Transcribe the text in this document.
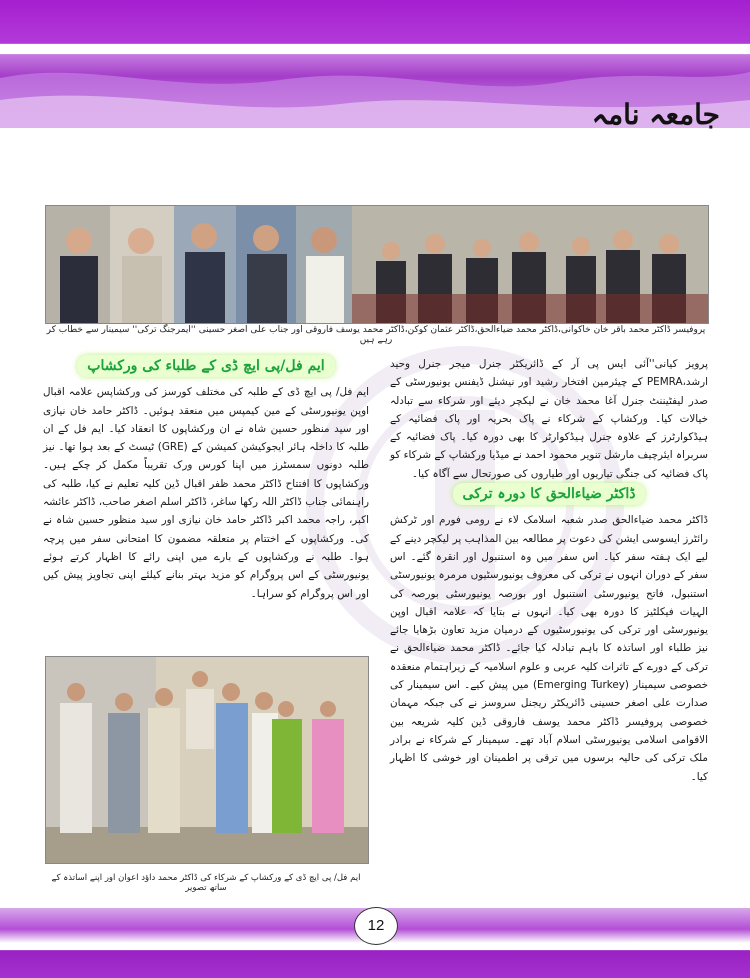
جامعہ نامہ
پروفیسر ڈاکٹر محمد باقر خان خاکوانی،ڈاکٹر محمد ضیاءالحق،ڈاکٹر عثمان کوکن،ڈاکٹر محمد یوسف فاروقی اور جناب علی اصغر حسینی ''ایمرجنگ ترکی'' سیمینار سے خطاب کر رہے ہیں

پرویز کیانی''آئی ایس پی آر کے ڈائریکٹر جنرل میجر جنرل وحید ارشد،PEMRA کے چیئرمین افتخار رشید اور نیشنل ڈیفنس یونیورسٹی کے صدر لیفٹیننٹ جنرل آغا محمد خان نے لیکچر دیئے اور شرکاء سے تبادلہ خیالات کیا۔ ورکشاپ کے شرکاء نے پاک بحریہ اور پاک فضائیہ کے ہیڈکوارٹرز کے علاوہ جنرل ہیڈکوارٹر کا بھی دورہ کیا۔ پاک فضائیہ کے سربراہ ایئرچیف مارشل تنویر محمود احمد نے میڈیا ورکشاپ کے شرکاء کو پاک فضائیہ کی جنگی تیاریوں اور طیاروں کی صورتحال سے آگاہ کیا۔

ڈاکٹر ضیاءالحق کا دورہ ترکی

ڈاکٹر محمد ضیاءالحق صدر شعبہ اسلامک لاء نے رومی فورم اور ٹرکش رائٹرز ایسوسی ایشن کی دعوت پر مطالعہ بین المذاہب پر لیکچر دینے کے لیے ایک ہفتہ سفر کیا۔ اس سفر میں وہ استنبول اور انقرہ گئے۔ اس سفر کے دوران انہوں نے ترکی کی معروف یونیورسٹیوں مرمرہ یونیورسٹی استنبول، فاتح یونیورسٹی استنبول اور بورصہ یونیورسٹی بورصہ کی الہیات فیکلٹیز کا دورہ بھی کیا۔ انہوں نے بتایا کہ علامہ اقبال اوپن یونیورسٹی اور ترکی کی یونیورسٹیوں کے درمیان مزید تعاون بڑھایا جائے نیز طلباء اور اساتذہ کا باہم تبادلہ کیا جائے۔ ڈاکٹر محمد ضیاءالحق نے ترکی کے دورے کے تاثرات کلیہ عربی و علوم اسلامیہ کے زیراہتمام منعقدہ خصوصی سیمینار (Emerging Turkey) میں پیش کیے۔ اس سیمینار کی صدارت علی اصغر حسینی ڈائریکٹر ریجنل سروسز نے کی جبکہ مہمان خصوصی پروفیسر ڈاکٹر محمد یوسف فاروقی ڈین کلیہ شریعہ بین الاقوامی اسلامی یونیورسٹی اسلام آباد تھے۔ سیمینار کے شرکاء نے برادر ملک ترکی کی حالیہ برسوں میں ترقی پر اطمینان اور خوشی کا اظہار کیا۔

ایم فل/پی ایچ ڈی کے طلباء کی ورکشاپ

ایم فل/ پی ایچ ڈی کے طلبہ کی مختلف کورسز کی ورکشاپس علامہ اقبال اوپن یونیورسٹی کے مین کیمپس میں منعقد ہوئیں۔ ڈاکٹر حامد خان نیازی اور سید منظور حسین شاہ نے ان ورکشاپوں کا انعقاد کیا۔ ایم فل کے ان طلبہ کا داخلہ ہائر ایجوکیشن کمیشن کے (GRE) ٹیسٹ کے بعد ہوا تھا۔ نیز طلبہ دونوں سمسٹرز میں اپنا کورس ورک تقریباً مکمل کر چکے ہیں۔ ورکشاپوں کا افتتاح ڈاکٹر محمد ظفر اقبال ڈین کلیہ تعلیم نے کیا، طلبہ کی راہنمائی جناب ڈاکٹر اللہ رکھا ساغر، ڈاکٹر اسلم اصغر صاحب، ڈاکٹر عائشہ اکبر، راجہ محمد اکبر ڈاکٹر حامد خان نیازی اور سید منظور حسین شاہ نے کی۔ ورکشاپوں کے اختتام پر متعلقہ مضمون کا امتحانی سفر میں پرچہ ہوا۔ طلبہ نے ورکشاپوں کے بارے میں اپنی رائے کا اظہار کرتے ہوئے یونیورسٹی کے اس پروگرام کو مزید بہتر بنانے کیلئے اپنی تجاویز پیش کیں اور اس پروگرام کو سراہا۔

ایم فل/ پی ایچ ڈی کے ورکشاپ کے شرکاء کی ڈاکٹر محمد داؤد اعوان اور اپنے اساتذہ کے ساتھ تصویر
12
